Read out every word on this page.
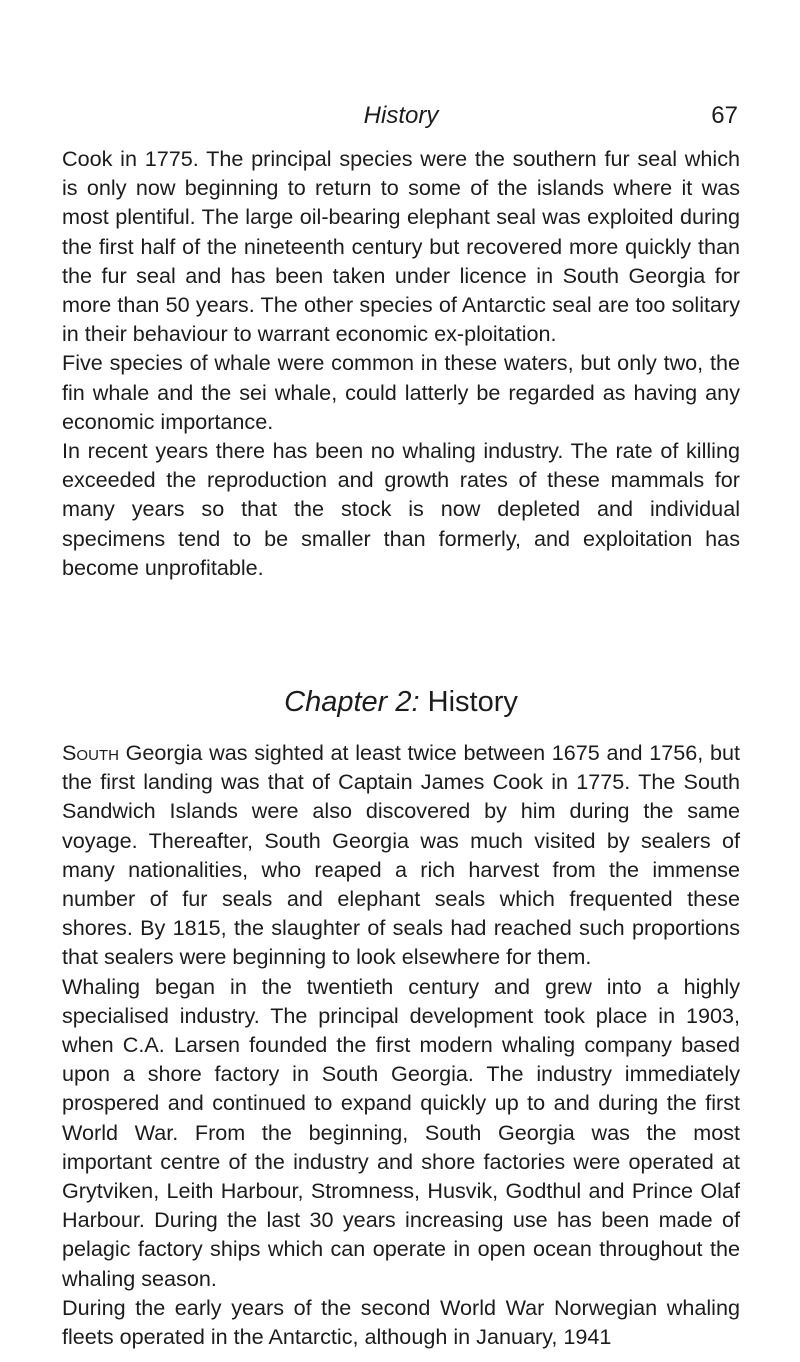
History	67

Cook in 1775. The principal species were the southern fur seal which is only now beginning to return to some of the islands where it was most plentiful. The large oil-bearing elephant seal was exploited during the first half of the nineteenth century but recovered more quickly than the fur seal and has been taken under licence in South Georgia for more than 50 years. The other species of Antarctic seal are too solitary in their behaviour to warrant economic ex-ploitation.

Five species of whale were common in these waters, but only two, the fin whale and the sei whale, could latterly be regarded as having any economic importance.

In recent years there has been no whaling industry. The rate of killing exceeded the reproduction and growth rates of these mammals for many years so that the stock is now depleted and individual specimens tend to be smaller than formerly, and exploitation has become unprofitable.

Chapter 2: History

South Georgia was sighted at least twice between 1675 and 1756, but the first landing was that of Captain James Cook in 1775. The South Sandwich Islands were also discovered by him during the same voyage. Thereafter, South Georgia was much visited by sealers of many nationalities, who reaped a rich harvest from the immense number of fur seals and elephant seals which frequented these shores. By 1815, the slaughter of seals had reached such proportions that sealers were beginning to look elsewhere for them.

Whaling began in the twentieth century and grew into a highly specialised industry. The principal development took place in 1903, when C.A. Larsen founded the first modern whaling company based upon a shore factory in South Georgia. The industry immediately prospered and continued to expand quickly up to and during the first World War. From the beginning, South Georgia was the most important centre of the industry and shore factories were operated at Grytviken, Leith Harbour, Stromness, Husvik, Godthul and Prince Olaf Harbour. During the last 30 years increasing use has been made of pelagic factory ships which can operate in open ocean throughout the whaling season.

During the early years of the second World War Norwegian whaling fleets operated in the Antarctic, although in January, 1941
